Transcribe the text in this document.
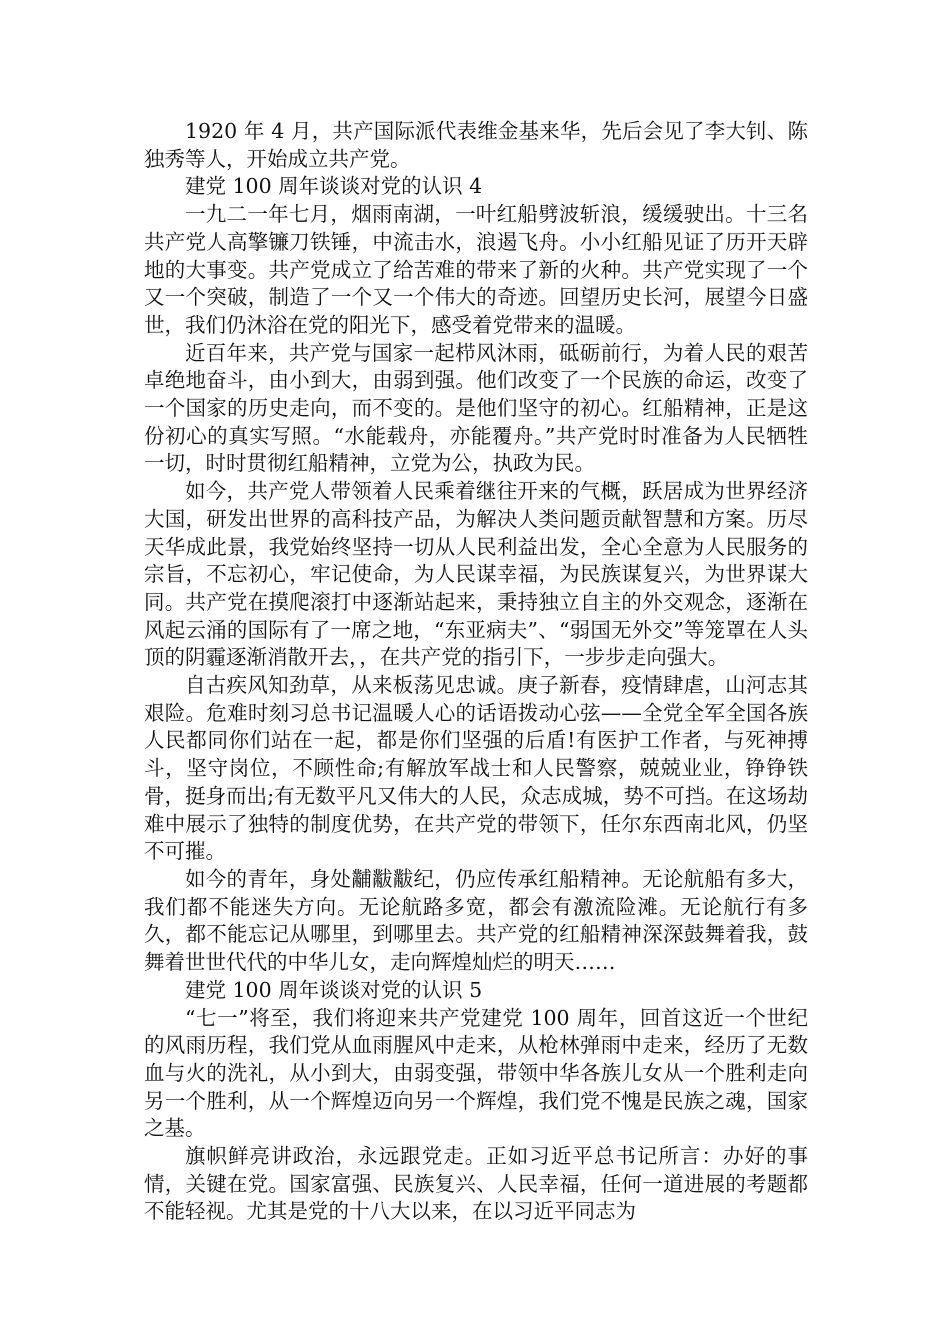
1920 年 4 月，共产国际派代表维金基来华，先后会见了李大钊、陈独秀等人，开始成立共产党。

建党 100 周年谈谈对党的认识 4

一九二一年七月，烟雨南湖，一叶红船劈波斩浪，缓缓驶出。十三名共产党人高擎镰刀铁锤，中流击水，浪遏飞舟。小小红船见证了历开天辟地的大事变。共产党成立了给苦难的带来了新的火种。共产党实现了一个又一个突破，制造了一个又一个伟大的奇迹。回望历史长河，展望今日盛世，我们仍沐浴在党的阳光下，感受着党带来的温暖。

近百年来，共产党与国家一起栉风沐雨，砥砺前行，为着人民的艰苦卓绝地奋斗，由小到大，由弱到强。他们改变了一个民族的命运，改变了一个国家的历史走向，而不变的。是他们坚守的初心。红船精神，正是这份初心的真实写照。“水能载舟，亦能覆舟。”共产党时时准备为人民牺牲一切，时时贯彻红船精神，立党为公，执政为民。

如今，共产党人带领着人民乘着继往开来的气概，跃居成为世界经济大国，研发出世界的高科技产品，为解决人类问题贡献智慧和方案。历尽天华成此景，我党始终坚持一切从人民利益出发，全心全意为人民服务的宗旨，不忘初心，牢记使命，为人民谋幸福，为民族谋复兴，为世界谋大同。共产党在摸爬滚打中逐渐站起来，秉持独立自主的外交观念，逐渐在风起云涌的国际有了一席之地，“东亚病夫”、“弱国无外交”等笼罩在人头顶的阴霾逐渐消散开去，，在共产党的指引下，一步步走向强大。

自古疾风知劲草，从来板荡见忠诚。庚子新春，疫情肆虐，山河志其艰险。危难时刻习总书记温暖人心的话语拨动心弦——全党全军全国各族人民都同你们站在一起，都是你们坚强的后盾!有医护工作者，与死神搏斗，坚守岗位，不顾性命;有解放军战士和人民警察，兢兢业业，铮铮铁骨，挺身而出;有无数平凡又伟大的人民，众志成城，势不可挡。在这场劫难中展示了独特的制度优势，在共产党的带领下，任尔东西南北风，仍坚不可摧。

如今的青年，身处黼黻黻纪，仍应传承红船精神。无论航船有多大，我们都不能迷失方向。无论航路多宽，都会有激流险滩。无论航行有多久，都不能忘记从哪里，到哪里去。共产党的红船精神深深鼓舞着我，鼓舞着世世代代的中华儿女，走向辉煌灿烂的明天……

建党 100 周年谈谈对党的认识 5

“七一”将至，我们将迎来共产党建党 100 周年，回首这近一个世纪的风雨历程，我们党从血雨腥风中走来，从枪林弹雨中走来，经历了无数血与火的洗礼，从小到大，由弱变强，带领中华各族儿女从一个胜利走向另一个胜利，从一个辉煌迈向另一个辉煌，我们党不愧是民族之魂，国家之基。

旗帜鲜亮讲政治，永远跟党走。正如习近平总书记所言：办好的事情，关键在党。国家富强、民族复兴、人民幸福，任何一道进展的考题都不能轻视。尤其是党的十八大以来，在以习近平同志为
